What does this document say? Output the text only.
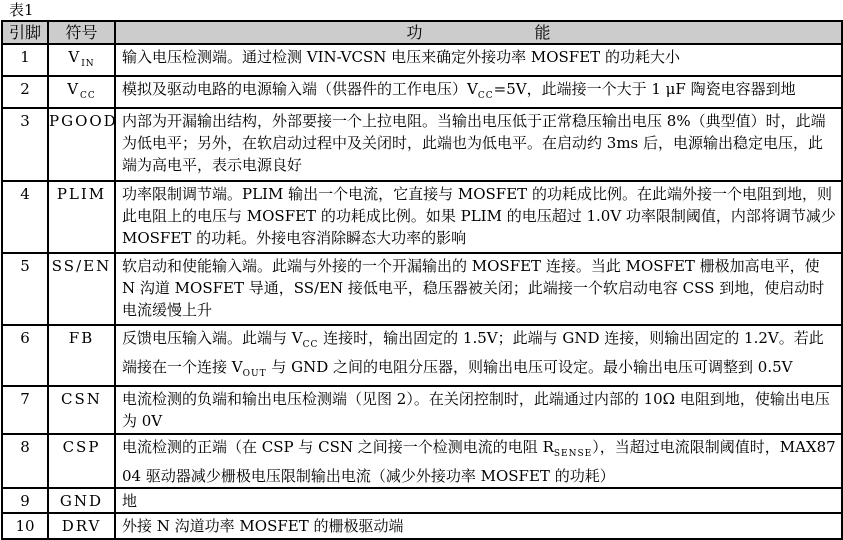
表1
引脚	符号	功 能

1	$V_{IN}$	输入电压检测端。通过检测 VIN-VCSN 电压来确定外接功率 MOSFET 的功耗大小
2	$V_{CC}$	模拟及驱动电路的电源输入端（供器件的工作电压）$V_{CC}=5V$，此端接一个大于 1 μF 陶瓷电容器到地
3	PGOOD	内部为开漏输出结构，外部要接一个上拉电阻。当输出电压低于正常稳压输出电压 8%（典型值）时，此端为低电平；另外，在软启动过程中及关闭时，此端也为低电平。在启动约 3ms 后，电源输出稳定电压，此端为高电平，表示电源良好
4	PLIM	功率限制调节端。PLIM 输出一个电流，它直接与 MOSFET 的功耗成比例。在此端外接一个电阻到地，则此电阻上的电压与 MOSFET 的功耗成比例。如果 PLIM 的电压超过 1.0V 功率限制阈值，内部将调节减少 MOSFET 的功耗。外接电容消除瞬态大功率的影响
5	SS/EN	软启动和使能输入端。此端与外接的一个开漏输出的 MOSFET 连接。当此 MOSFET 栅极加高电平，使 N 沟道 MOSFET 导通，SS/EN 接低电平，稳压器被关闭；此端接一个软启动电容 CSS 到地，使启动时电流缓慢上升
6	FB	反馈电压输入端。此端与 $V_{CC}$ 连接时，输出固定的 1.5V；此端与 GND 连接，则输出固定的 1.2V。若此端接在一个连接 $V_{OUT}$ 与 GND 之间的电阻分压器，则输出电压可设定。最小输出电压可调整到 0.5V
7	CSN	电流检测的负端和输出电压检测端（见图 2）。在关闭控制时，此端通过内部的 10Ω 电阻到地，使输出电压为 0V
8	CSP	电流检测的正端（在 CSP 与 CSN 之间接一个检测电流的电阻 $R_{SENSE}$），当超过电流限制阈值时，MAX8704 驱动器减少栅极电压限制输出电流（减少外接功率 MOSFET 的功耗）
9	GND	地
10	DRV	外接 N 沟道功率 MOSFET 的栅极驱动端
